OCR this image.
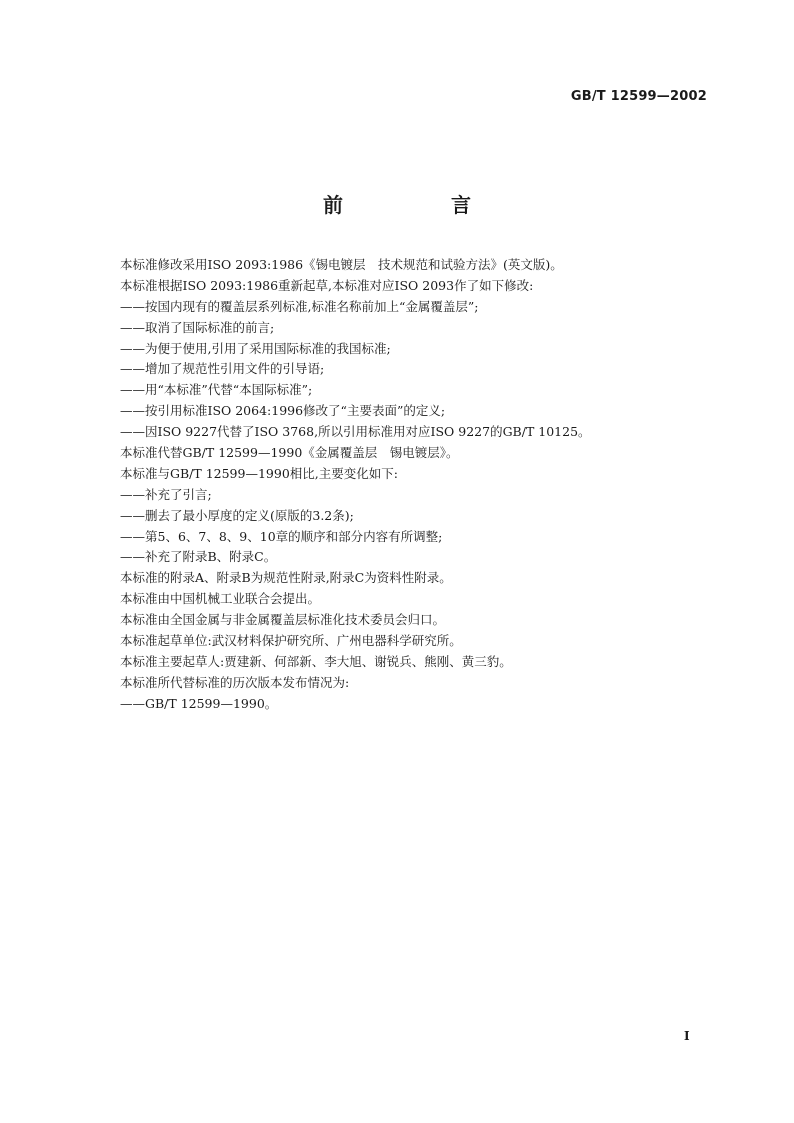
GB/T 12599—2002
前　言
本标准修改采用ISO 2093:1986《锡电镀层　技术规范和试验方法》(英文版)。
本标准根据ISO 2093:1986重新起草,本标准对应ISO 2093作了如下修改:
——按国内现有的覆盖层系列标准,标准名称前加上“金属覆盖层”;
——取消了国际标准的前言;
——为便于使用,引用了采用国际标准的我国标准;
——增加了规范性引用文件的引导语;
——用“本标准”代替“本国际标准”;
——按引用标准ISO 2064:1996修改了“主要表面”的定义;
——因ISO 9227代替了ISO 3768,所以引用标准用对应ISO 9227的GB/T 10125。
本标准代替GB/T 12599—1990《金属覆盖层　锡电镀层》。
本标准与GB/T 12599—1990相比,主要变化如下:
——补充了引言;
——删去了最小厚度的定义(原版的3.2条);
——第5、6、7、8、9、10章的顺序和部分内容有所调整;
——补充了附录B、附录C。
本标准的附录A、附录B为规范性附录,附录C为资料性附录。
本标准由中国机械工业联合会提出。
本标准由全国金属与非金属覆盖层标准化技术委员会归口。
本标准起草单位:武汉材料保护研究所、广州电器科学研究所。
本标准主要起草人:贾建新、何部新、李大旭、谢锐兵、熊刚、黄三豹。
本标准所代替标准的历次版本发布情况为:
——GB/T 12599—1990。
I
